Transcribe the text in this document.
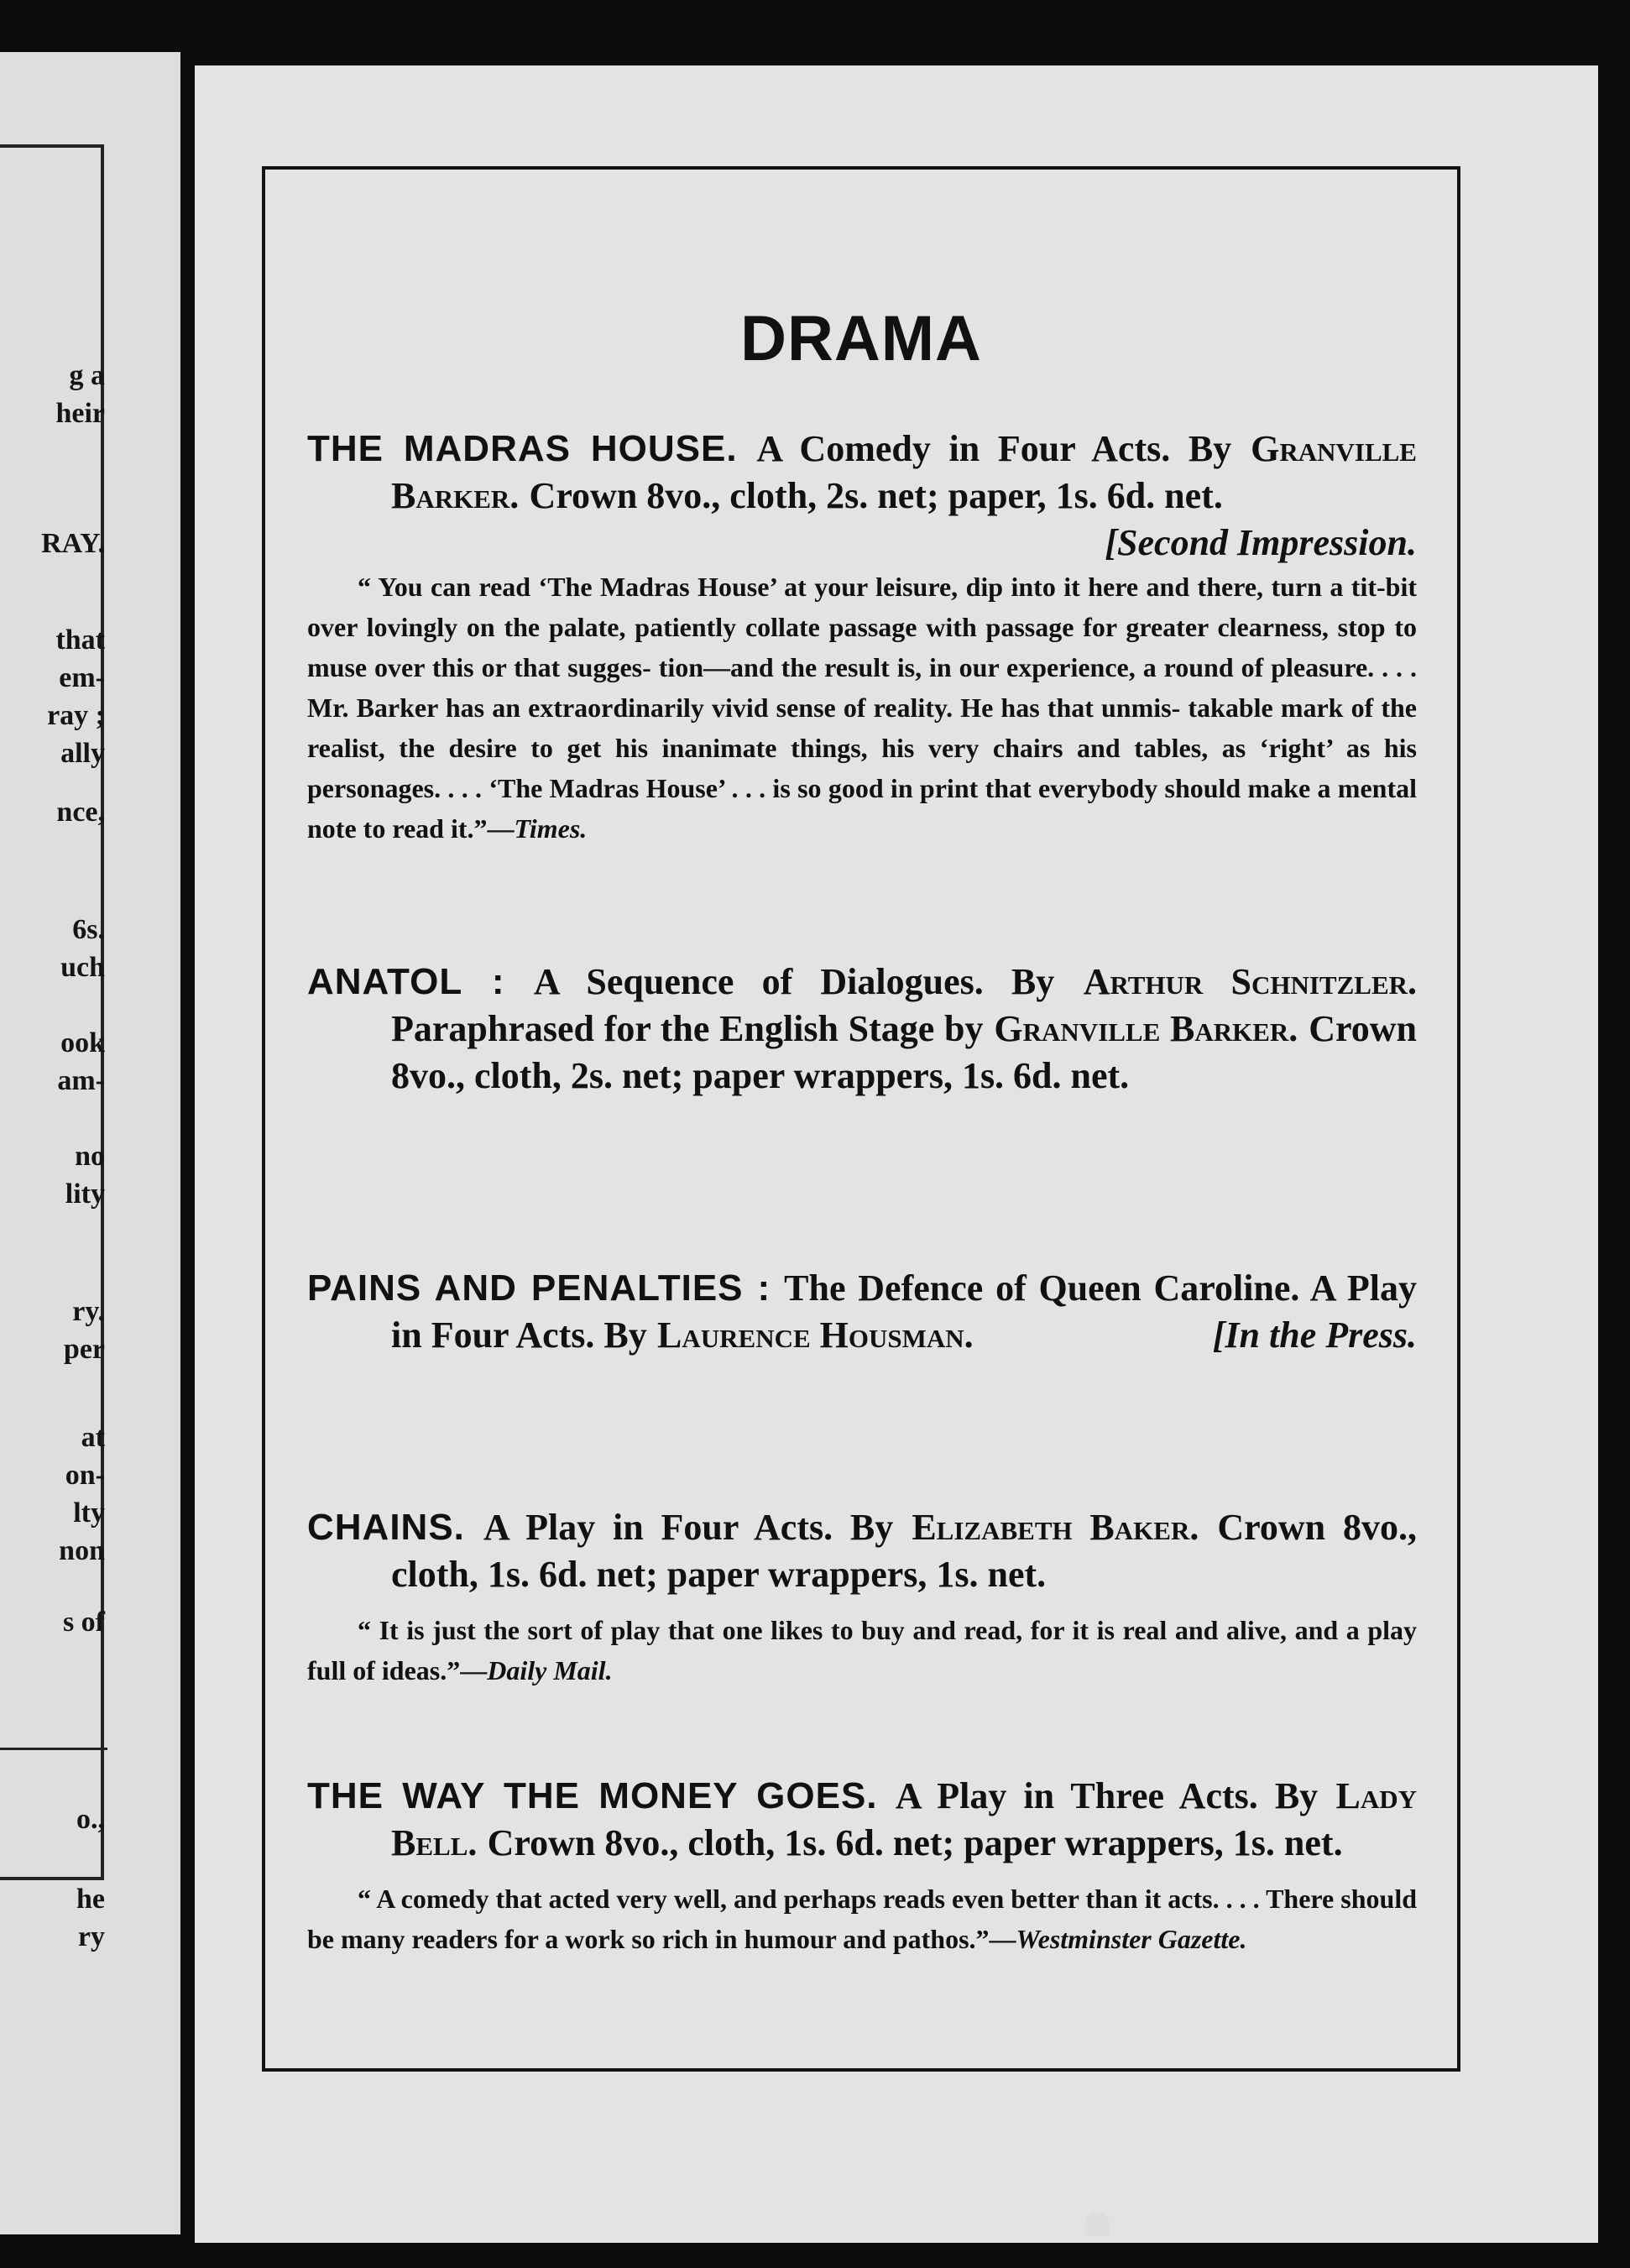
g a
heir
RAY.
that
em-
ray ;
ally
nce,
6s.
uch
ook
am-
no
lity
ry.
per
at
on-
lty
non
s of
o.,
he
ry
DRAMA
THE MADRAS HOUSE. A Comedy in Four Acts. By Granville Barker. Crown 8vo., cloth, 2s. net; paper, 1s. 6d. net.
[Second Impression.
“ You can read ‘The Madras House’ at your leisure, dip into it here and there, turn a tit-bit over lovingly on the palate, patiently collate passage with passage for greater clearness, stop to muse over this or that sugges- tion—and the result is, in our experience, a round of pleasure. . . . Mr. Barker has an extraordinarily vivid sense of reality. He has that unmis- takable mark of the realist, the desire to get his inanimate things, his very chairs and tables, as ‘right’ as his personages. . . . ‘The Madras House’ . . . is so good in print that everybody should make a mental note to read it.”—Times.
ANATOL : A Sequence of Dialogues. By Arthur Schnitzler. Paraphrased for the English Stage by Granville Barker. Crown 8vo., cloth, 2s. net; paper wrappers, 1s. 6d. net.
PAINS AND PENALTIES : The Defence of Queen Caroline. A Play in Four Acts. By Laurence Housman.	[In the Press.
CHAINS. A Play in Four Acts. By Elizabeth Baker. Crown 8vo., cloth, 1s. 6d. net; paper wrappers, 1s. net.
“ It is just the sort of play that one likes to buy and read, for it is real and alive, and a play full of ideas.”—Daily Mail.
THE WAY THE MONEY GOES. A Play in Three Acts. By Lady Bell. Crown 8vo., cloth, 1s. 6d. net; paper wrappers, 1s. net.
“ A comedy that acted very well, and perhaps reads even better than it acts. . . . There should be many readers for a work so rich in humour and pathos.”—Westminster Gazette.
